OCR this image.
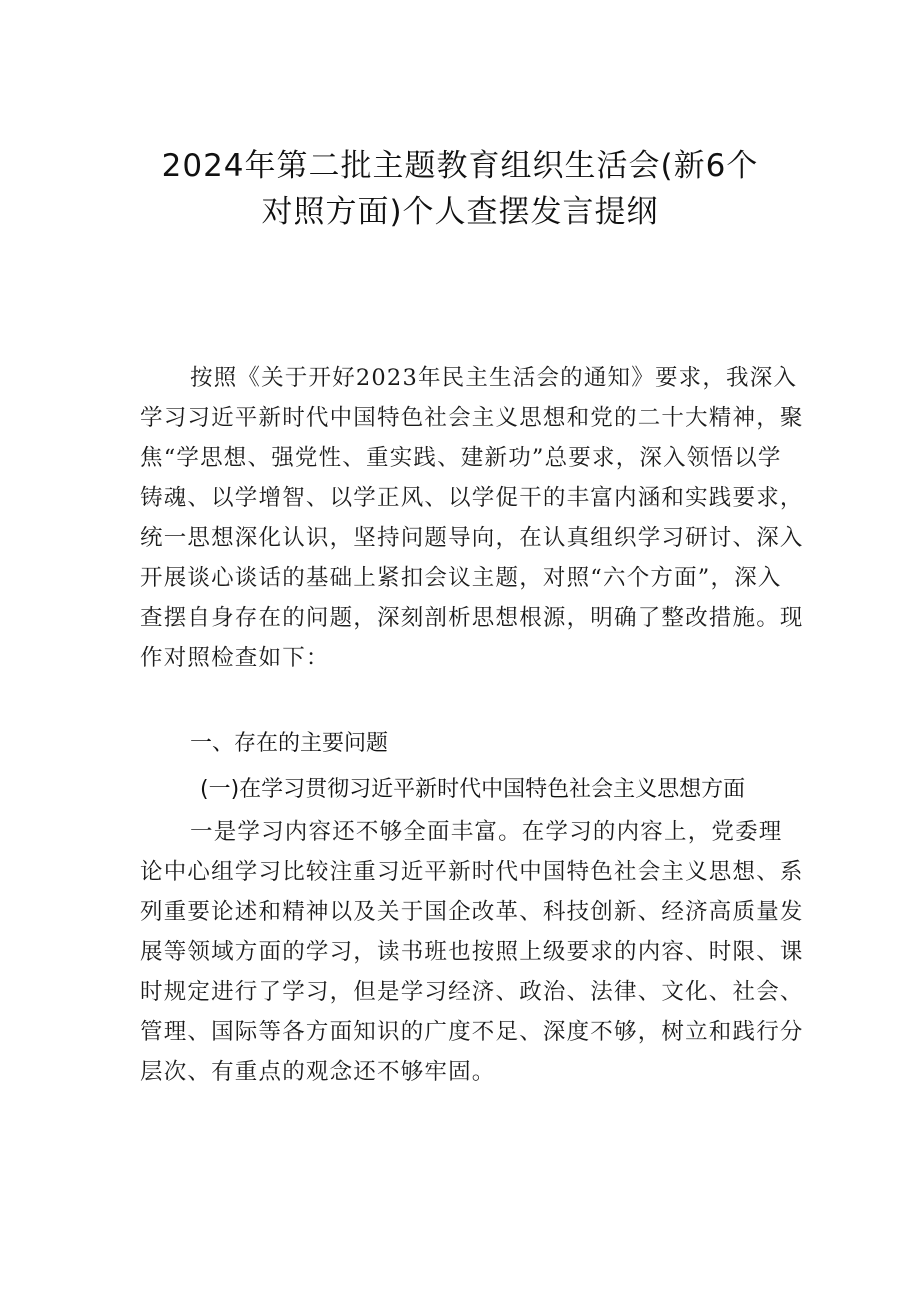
2024年第二批主题教育组织生活会(新6个
对照方面)个人查摆发言提纲
按照《关于开好2023年民主生活会的通知》要求，我深入
学习习近平新时代中国特色社会主义思想和党的二十大精神，聚
焦“学思想、强党性、重实践、建新功”总要求，深入领悟以学
铸魂、以学增智、以学正风、以学促干的丰富内涵和实践要求，
统一思想深化认识，坚持问题导向，在认真组织学习研讨、深入
开展谈心谈话的基础上紧扣会议主题，对照“六个方面”，深入
查摆自身存在的问题，深刻剖析思想根源，明确了整改措施。现
作对照检查如下：
一、存在的主要问题
(一)在学习贯彻习近平新时代中国特色社会主义思想方面
一是学习内容还不够全面丰富。在学习的内容上，党委理
论中心组学习比较注重习近平新时代中国特色社会主义思想、系
列重要论述和精神以及关于国企改革、科技创新、经济高质量发
展等领域方面的学习，读书班也按照上级要求的内容、时限、课
时规定进行了学习，但是学习经济、政治、法律、文化、社会、
管理、国际等各方面知识的广度不足、深度不够，树立和践行分
层次、有重点的观念还不够牢固。
